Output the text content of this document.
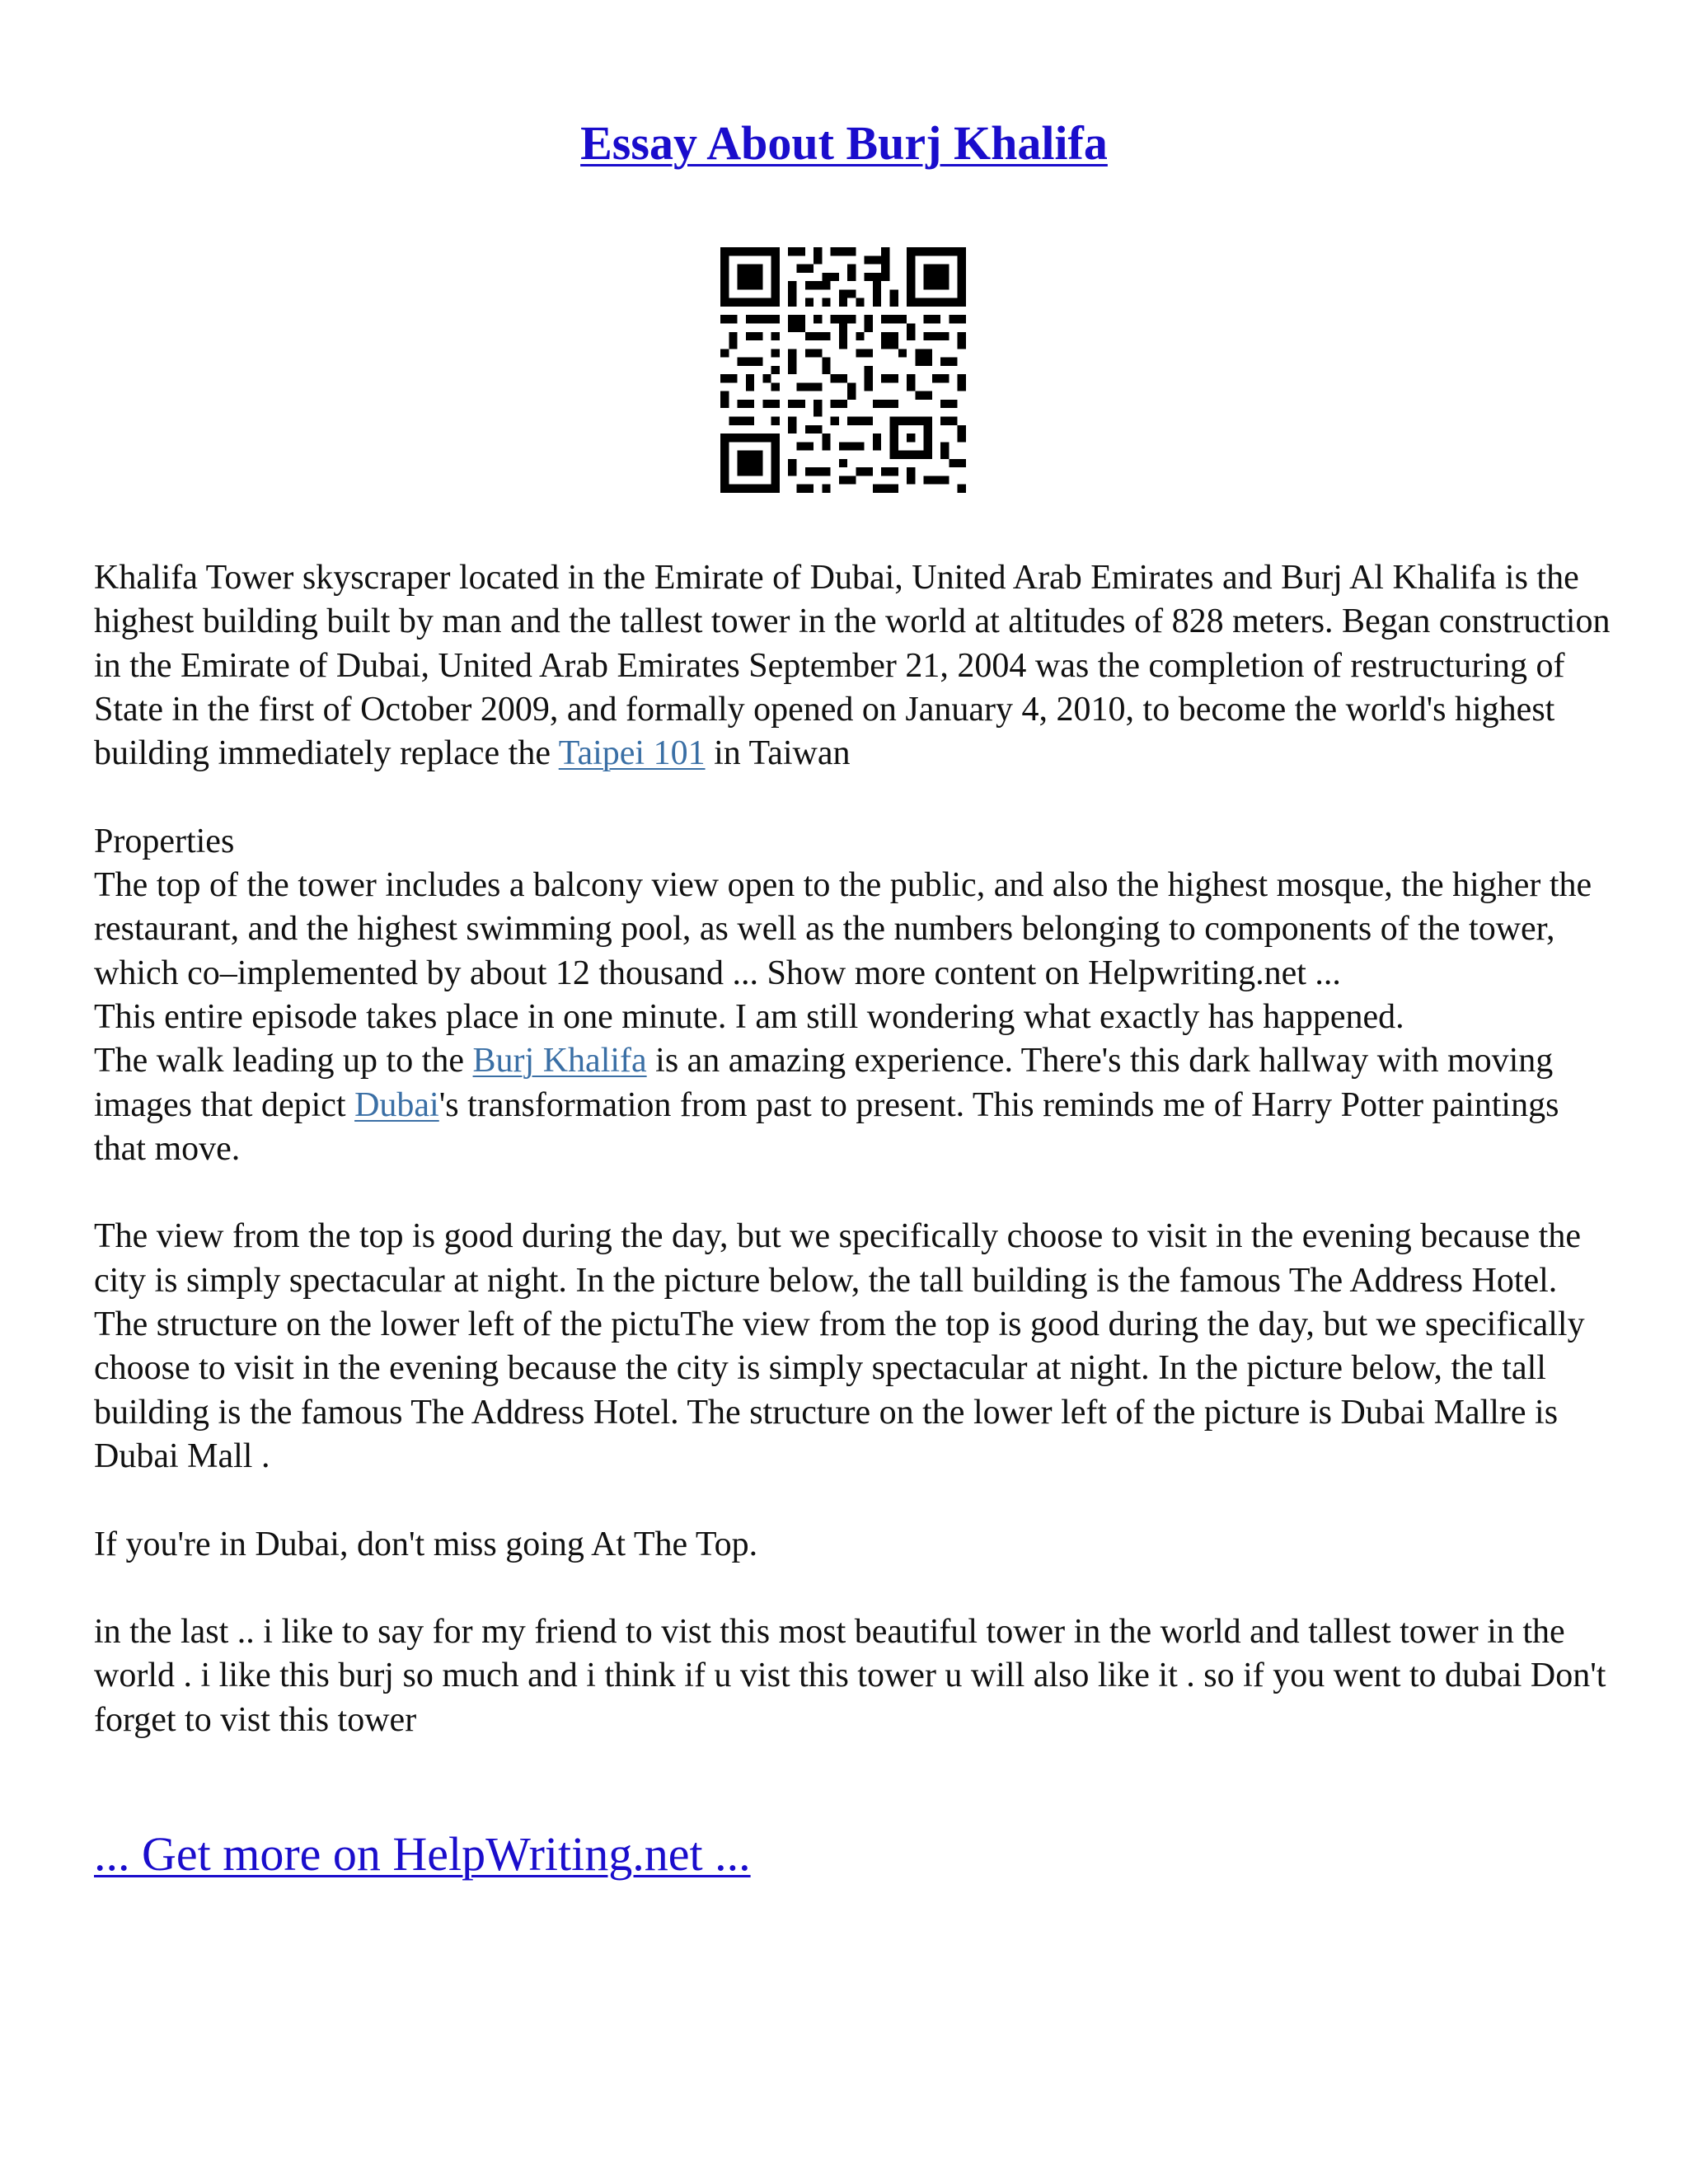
Essay About Burj Khalifa

Khalifa Tower skyscraper located in the Emirate of Dubai, United Arab Emirates and Burj Al Khalifa is the highest building built by man and the tallest tower in the world at altitudes of 828 meters. Began construction in the Emirate of Dubai, United Arab Emirates September 21, 2004 was the completion of restructuring of State in the first of October 2009, and formally opened on January 4, 2010, to become the world's highest building immediately replace the Taipei 101 in Taiwan

Properties

The top of the tower includes a balcony view open to the public, and also the highest mosque, the higher the restaurant, and the highest swimming pool, as well as the numbers belonging to components of the tower, which co–implemented by about 12 thousand ... Show more content on Helpwriting.net ...

This entire episode takes place in one minute. I am still wondering what exactly has happened.

The walk leading up to the Burj Khalifa is an amazing experience. There's this dark hallway with moving images that depict Dubai's transformation from past to present. This reminds me of Harry Potter paintings that move.

The view from the top is good during the day, but we specifically choose to visit in the evening because the city is simply spectacular at night. In the picture below, the tall building is the famous The Address Hotel. The structure on the lower left of the pictuThe view from the top is good during the day, but we specifically choose to visit in the evening because the city is simply spectacular at night. In the picture below, the tall building is the famous The Address Hotel. The structure on the lower left of the picture is Dubai Mallre is Dubai Mall .

If you're in Dubai, don't miss going At The Top.

in the last .. i like to say for my friend to vist this most beautiful tower in the world and tallest tower in the world . i like this burj so much and i think if u vist this tower u will also like it . so if you went to dubai Don't forget to vist this tower

... Get more on HelpWriting.net ...
